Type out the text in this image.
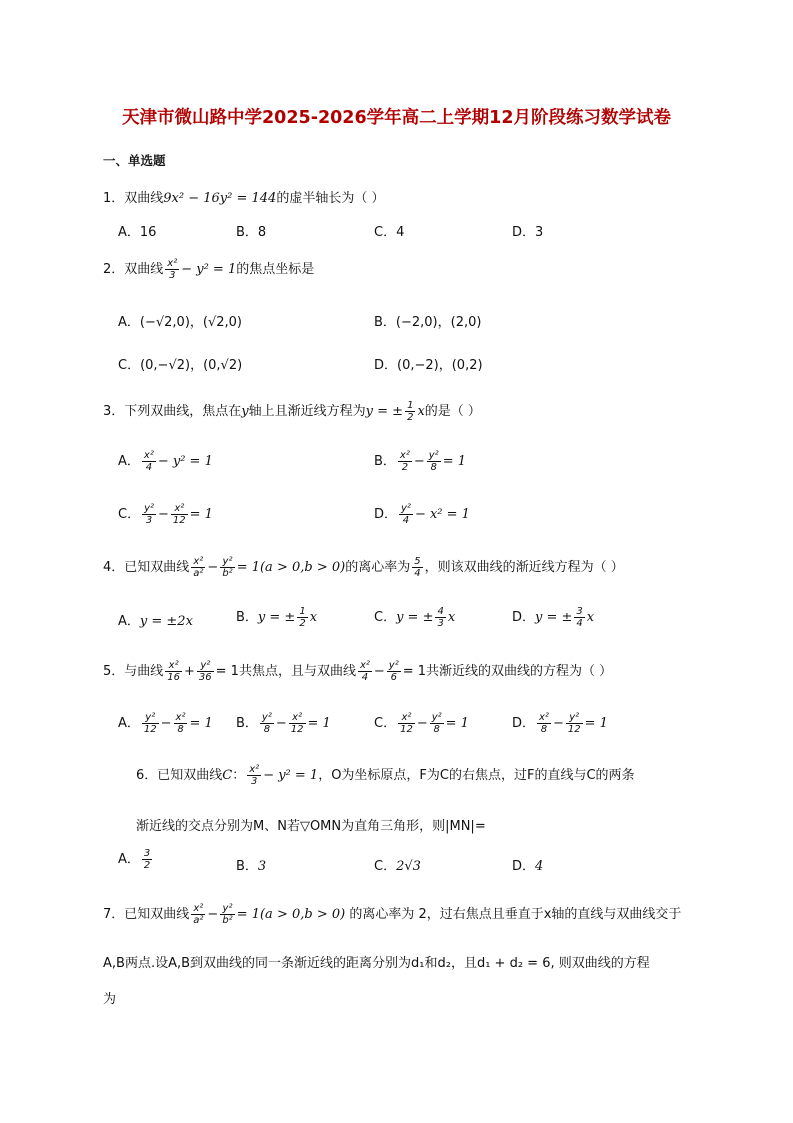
天津市微山路中学2025-2026学年高二上学期12月阶段练习数学试卷
一、单选题
1．双曲线9x² − 16y² = 144的虚半轴长为（ ）
A．16	B．8	C．4	D．3
2．双曲线 $\frac{\text{x²}}{3} - y^2 = 1$的焦点坐标是
A．(−√2,0)，(√2,0)	B．(−2,0)，(2,0)
C．(0,−√2)，(0,√2)	D．(0,−2)，(0,2)
3．下列双曲线，焦点在y轴上且渐近线方程为y = ± $\frac{1}{2}$ x的是（ ）
A． $\frac{\text{x²}}{4} - y^2 = 1$	B． $\frac{\text{x²}}{2} - \frac{\text{y²}}{8} = 1$
C． $\frac{\text{y²}}{3} - \frac{\text{x²}}{12} = 1$	D． $\frac{\text{y²}}{4} - x^2 = 1$
4．已知双曲线 $\frac{\text{x²}}{\text{a²}} - \frac{\text{y²}}{\text{b²}} = 1(a > 0,b > 0)$的离心率为 $\frac{5}{4}$ ，则该双曲线的渐近线方程为（ ）
A．y = ±2x	B．y = ± $\frac{1}{2}$ x	C．y = ± $\frac{4}{3}$ x	D．y = ± $\frac{3}{4}$ x
5．与曲线 $\frac{\text{x²}}{16} + \frac{\text{y²}}{36} = 1$共焦点，且与双曲线 $\frac{\text{x²}}{4} - \frac{\text{y²}}{6} = 1$共渐近线的双曲线的方程为（ ）
A． $\frac{\text{y²}}{12} - \frac{\text{x²}}{8} = 1$ B． $\frac{\text{y²}}{8} - \frac{\text{x²}}{12} = 1$	C． $\frac{\text{x²}}{12} - \frac{\text{y²}}{8} = 1$	D． $\frac{\text{x²}}{8} - \frac{\text{y²}}{12} = 1$
6．已知双曲线C： $\frac{\text{x²}}{3} - y^2 = 1$，O为坐标原点，F为C的右焦点，过F的直线与C的两条
渐近线的交点分别为M、N若▽OMN为直角三角形，则|MN|=
A． $\frac{3}{2}$	B．3	C．2√3	D．4
7．已知双曲线 $\frac{\text{x²}}{\text{a²}} - \frac{\text{y²}}{\text{b²}} = 1(a > 0,b > 0)$ 的离心率为 2，过右焦点且垂直于x轴的直线与双曲线交于
A,B两点.设A,B到双曲线的同一条渐近线的距离分别为d₁和d₂，且d₁ + d₂ = 6, 则双曲线的方程
为
